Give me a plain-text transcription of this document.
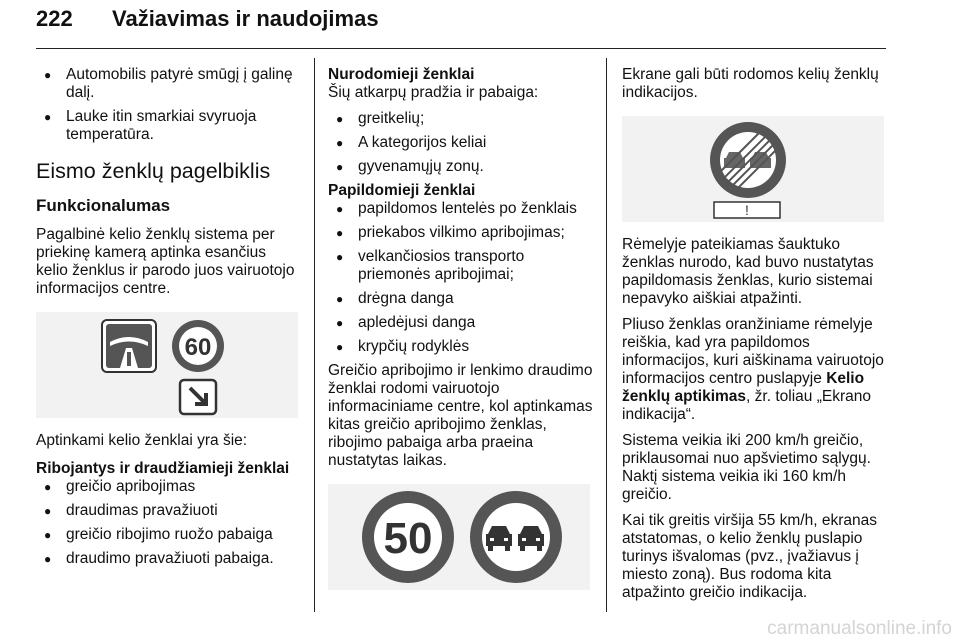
222 Važiavimas ir naudojimas
● Automobilis patyrė smūgį į galinę dalį.
● Lauke itin smarkiai svyruoja temperatūra.
Eismo ženklų pagelbiklis
Funkcionalumas

Pagalbinė kelio ženklų sistema per priekinę kamerą aptinka esančius kelio ženklus ir parodo juos vairuotojo informacijos centre.

60

Aptinkami kelio ženklai yra šie:

Ribojantys ir draudžiamieji ženklai

● greičio apribojimas
● draudimas pravažiuoti
● greičio ribojimo ruožo pabaiga
● draudimo pravažiuoti pabaiga.

Nurodomieji ženklai

Šių atkarpų pradžia ir pabaiga:

● greitkelių;
● A kategorijos keliai
● gyvenamųjų zonų.

Papildomieji ženklai

● papildomos lentelės po ženklais
● priekabos vilkimo apribojimas;
● velkančiosios transporto priemonės apribojimai;
● drėgna danga
● apledėjusi danga
● krypčių rodyklės

Greičio apribojimo ir lenkimo draudimo ženklai rodomi vairuotojo informaciniame centre, kol aptinkamas kitas greičio apribojimo ženklas, ribojimo pabaiga arba praeina nustatytas laikas.

50

Ekrane gali būti rodomos kelių ženklų indikacijos.

!

Rėmelyje pateikiamas šauktuko ženklas nurodo, kad buvo nustatytas papildomasis ženklas, kurio sistemai nepavyko aiškiai atpažinti.

Pliuso ženklas oranžiniame rėmelyje reiškia, kad yra papildomos informacijos, kuri aiškinama vairuotojo informacijos centro puslapyje Kelio ženklų aptikimas, žr. toliau „Ekrano indikacija“.

Sistema veikia iki 200 km/h greičio, priklausomai nuo apšvietimo sąlygų. Naktį sistema veikia iki 160 km/h greičio.

Kai tik greitis viršija 55 km/h, ekranas atstatomas, o kelio ženklų puslapio turinys išvalomas (pvz., įvažiavus į miesto zoną). Bus rodoma kita atpažinto greičio indikacija.

carmanualsonline.info
